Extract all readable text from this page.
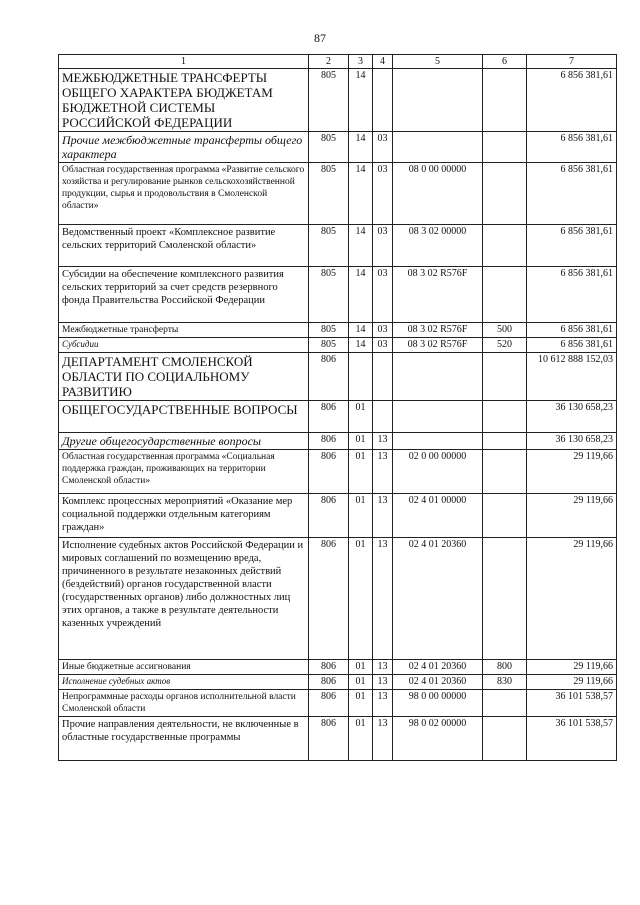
87
1	2	3	4	5	6	7
МЕЖБЮДЖЕТНЫЕ ТРАНСФЕРТЫ ОБЩЕГО ХАРАКТЕРА БЮДЖЕТАМ БЮДЖЕТНОЙ СИСТЕМЫ РОССИЙСКОЙ ФЕДЕРАЦИИ	805	14				6 856 381,61
Прочие межбюджетные трансферты общего характера	805	14	03			6 856 381,61
Областная государственная программа «Развитие сельского хозяйства и регулирование рынков сельскохозяйственной продукции, сырья и продовольствия в Смоленской области»	805	14	03	08 0 00 00000		6 856 381,61
Ведомственный проект «Комплексное развитие сельских территорий Смоленской области»	805	14	03	08 3 02 00000		6 856 381,61
Субсидии на обеспечение комплексного развития сельских территорий за счет средств резервного фонда Правительства Российской Федерации	805	14	03	08 3 02 R576F		6 856 381,61
Межбюджетные трансферты	805	14	03	08 3 02 R576F	500	6 856 381,61
Субсидии	805	14	03	08 3 02 R576F	520	6 856 381,61
ДЕПАРТАМЕНТ СМОЛЕНСКОЙ ОБЛАСТИ ПО СОЦИАЛЬНОМУ РАЗВИТИЮ	806					10 612 888 152,03
ОБЩЕГОСУДАРСТВЕННЫЕ ВОПРОСЫ	806	01				36 130 658,23
Другие общегосударственные вопросы	806	01	13			36 130 658,23
Областная государственная программа «Социальная поддержка граждан, проживающих на территории Смоленской области»	806	01	13	02 0 00 00000		29 119,66
Комплекс процессных мероприятий «Оказание мер социальной поддержки отдельным категориям граждан»	806	01	13	02 4 01 00000		29 119,66
Исполнение судебных актов Российской Федерации и мировых соглашений по возмещению вреда, причиненного в результате незаконных действий (бездействий) органов государственной власти (государственных органов) либо должностных лиц этих органов, а также в результате деятельности казенных учреждений	806	01	13	02 4 01 20360		29 119,66
Иные бюджетные ассигнования	806	01	13	02 4 01 20360	800	29 119,66
Исполнение судебных актов	806	01	13	02 4 01 20360	830	29 119,66
Непрограммные расходы органов исполнительной власти Смоленской области	806	01	13	98 0 00 00000		36 101 538,57
Прочие направления деятельности, не включенные в областные государственные программы	806	01	13	98 0 02 00000		36 101 538,57
